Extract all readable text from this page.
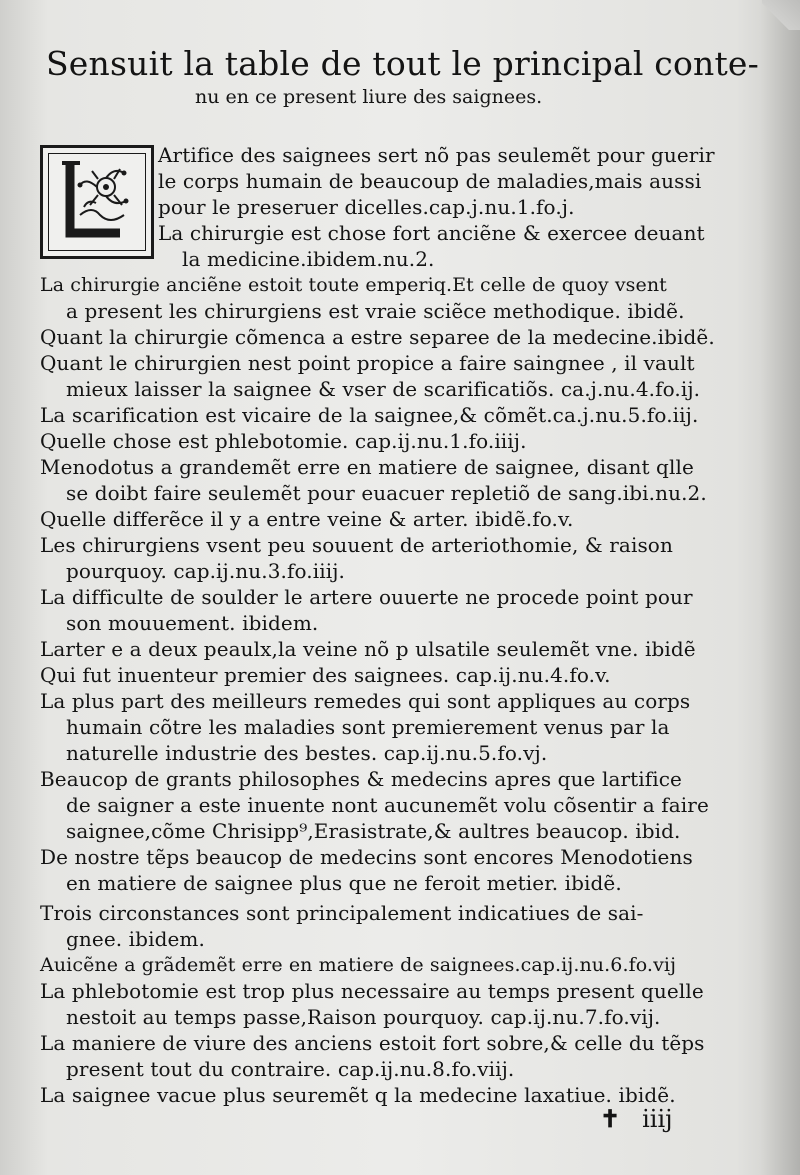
Sensuit la table de tout le principal conte-
nu en ce present liure des saignees.
Artifice des saignees sert nõ pas seulemẽt pour guerir
le corps humain de beaucoup de maladies,mais aussi
pour le preseruer dicelles.cap.j.nu.1.fo.j.
La chirurgie est chose fort anciẽne & exercee deuant
la medicine.ibidem.nu.2.
La chirurgie anciẽne estoit toute emperiq.Et celle de quoy vsent
a present les chirurgiens est vraie sciẽce methodique. ibidẽ.
Quant la chirurgie cõmenca a estre separee de la medecine.ibidẽ.
Quant le chirurgien nest point propice a faire saingnee , il vault
mieux laisser la saignee & vser de scarificatiõs. ca.j.nu.4.fo.ij.
La scarification est vicaire de la saignee,& cõmẽt.ca.j.nu.5.fo.iij.
Quelle chose est phlebotomie. cap.ij.nu.1.fo.iiij.
Menodotus a grandemẽt erre en matiere de saignee, disant qlle
se doibt faire seulemẽt pour euacuer repletiõ de sang.ibi.nu.2.
Quelle differẽce il y a entre veine & arter. ibidẽ.fo.v.
Les chirurgiens vsent peu souuent de arteriothomie, & raison
pourquoy. cap.ij.nu.3.fo.iiij.
La difficulte de soulder le artere ouuerte ne procede point pour
son mouuement. ibidem.
Larter e a deux peaulx,la veine nõ p ulsatile seulemẽt vne. ibidẽ
Qui fut inuenteur premier des saignees. cap.ij.nu.4.fo.v.
La plus part des meilleurs remedes qui sont appliques au corps
humain cõtre les maladies sont premierement venus par la
naturelle industrie des bestes. cap.ij.nu.5.fo.vj.
Beaucop de grants philosophes & medecins apres que lartifice
de saigner a este inuente nont aucunemẽt volu cõsentir a faire
saignee,cõme Chrisipp⁹,Erasistrate,& aultres beaucop. ibid.
De nostre tẽps beaucop de medecins sont encores Menodotiens
en matiere de saignee plus que ne feroit metier. ibidẽ.
Trois circonstances sont principalement indicatiues de sai-
gnee. ibidem.
Auicẽne a grãdemẽt erre en matiere de saignees.cap.ij.nu.6.fo.vij
La phlebotomie est trop plus necessaire au temps present quelle
nestoit au temps passe,Raison pourquoy. cap.ij.nu.7.fo.vij.
La maniere de viure des anciens estoit fort sobre,& celle du tẽps
present tout du contraire. cap.ij.nu.8.fo.viij.
La saignee vacue plus seuremẽt q la medecine laxatiue. ibidẽ.
✝ iiij
